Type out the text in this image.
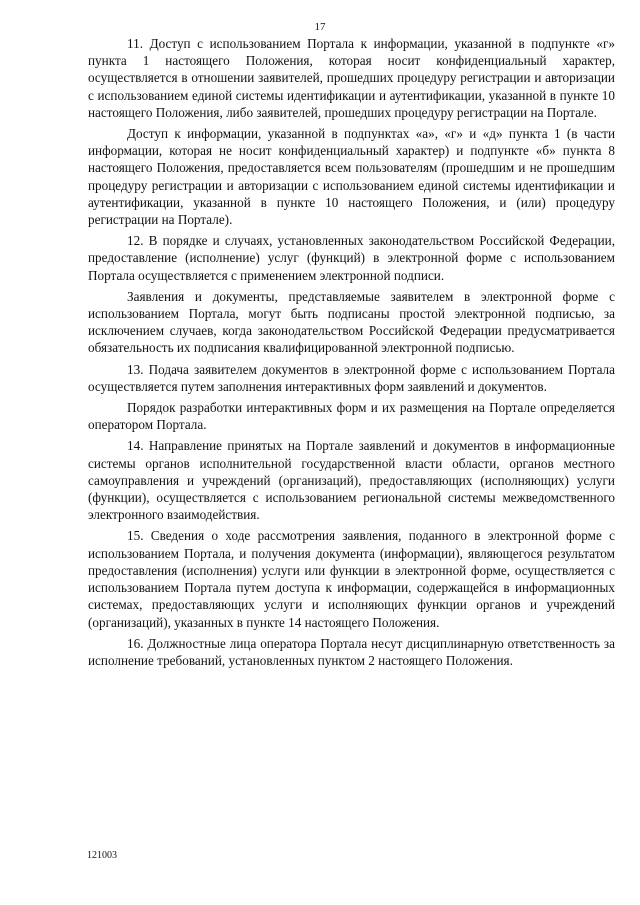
17

11. Доступ с использованием Портала к информации, указанной в подпункте «г» пункта 1 настоящего Положения, которая носит конфиденциальный характер, осуществляется в отношении заявителей, прошедших процедуру регистрации и авторизации с использованием единой системы идентификации и аутентификации, указанной в пункте 10 настоящего Положения, либо заявителей, прошедших процедуру регистрации на Портале.

Доступ к информации, указанной в подпунктах «а», «г» и «д» пункта 1 (в части информации, которая не носит конфиденциальный характер) и подпункте «б» пункта 8 настоящего Положения, предоставляется всем пользователям (прошедшим и не прошедшим процедуру регистрации и авторизации с использованием единой системы идентификации и аутентификации, указанной в пункте 10 настоящего Положения, и (или) процедуру регистрации на Портале).

12. В порядке и случаях, установленных законодательством Российской Федерации, предоставление (исполнение) услуг (функций) в электронной форме с использованием Портала осуществляется с применением электронной подписи.

Заявления и документы, представляемые заявителем в электронной форме с использованием Портала, могут быть подписаны простой электронной подписью, за исключением случаев, когда законодательством Российской Федерации предусматривается обязательность их подписания квалифицированной электронной подписью.

13. Подача заявителем документов в электронной форме с использованием Портала осуществляется путем заполнения интерактивных форм заявлений и документов.

Порядок разработки интерактивных форм и их размещения на Портале определяется оператором Портала.

14. Направление принятых на Портале заявлений и документов в информационные системы органов исполнительной государственной власти области, органов местного самоуправления и учреждений (организаций), предоставляющих (исполняющих) услуги (функции), осуществляется с использованием региональной системы межведомственного электронного взаимодействия.

15. Сведения о ходе рассмотрения заявления, поданного в электронной форме с использованием Портала, и получения документа (информации), являющегося результатом предоставления (исполнения) услуги или функции в электронной форме, осуществляется с использованием Портала путем доступа к информации, содержащейся в информационных системах, предоставляющих услуги и исполняющих функции органов и учреждений (организаций), указанных в пункте 14 настоящего Положения.

16. Должностные лица оператора Портала несут дисциплинарную ответственность за исполнение требований, установленных пунктом 2 настоящего Положения.

121003
